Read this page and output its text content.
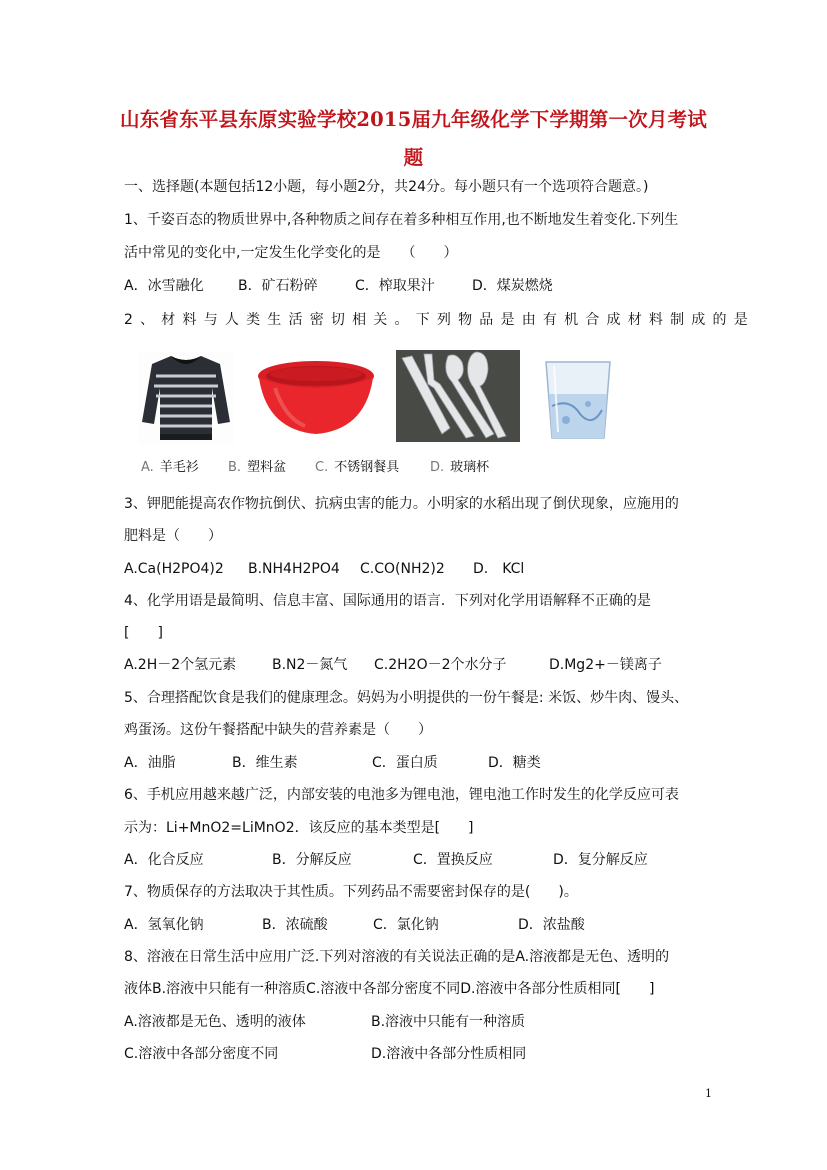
山东省东平县东原实验学校2015届九年级化学下学期第一次月考试
题
一、选择题(本题包括12小题，每小题2分，共24分。每小题只有一个选项符合题意。)
1、千姿百态的物质世界中,各种物质之间存在着多种相互作用,也不断地发生着变化.下列生
活中常见的变化中,一定发生化学变化的是　　（　　）
A．冰雪融化 B．矿石粉碎	C．榨取果汁	D．煤炭燃烧
2、材料与人类生活密切相关。下列物品是由有机合成材料制成的是
A. 羊毛衫 B. 塑料盆 C. 不锈钢餐具 D. 玻璃杯
3、钾肥能提高农作物抗倒伏、抗病虫害的能力。小明家的水稻出现了倒伏现象，应施用的
肥料是（　　）
A.Ca(H2PO4)2 B.NH4H2PO4 C.CO(NH2)2 D.　KCl
4、化学用语是最简明、信息丰富、国际通用的语言．下列对化学用语解释不正确的是
[　　]
A.2H－2个氢元素	B.N2－氮气 C.2H2O－2个水分子	D.Mg2+－镁离子
5、合理搭配饮食是我们的健康理念。妈妈为小明提供的一份午餐是: 米饭、炒牛肉、馒头、
鸡蛋汤。这份午餐搭配中缺失的营养素是（　　）
A．油脂	B．维生素	C．蛋白质	D．糖类
6、手机应用越来越广泛，内部安装的电池多为锂电池，锂电池工作时发生的化学反应可表
示为：Li+MnO2=LiMnO2．该反应的基本类型是[　　]
A．化合反应	B．分解反应	C．置换反应	D．复分解反应
7、物质保存的方法取决于其性质。下列药品不需要密封保存的是(　　)。
A．氢氧化钠	B．浓硫酸	C．氯化钠	D．浓盐酸
8、溶液在日常生活中应用广泛.下列对溶液的有关说法正确的是A.溶液都是无色、透明的
液体B.溶液中只能有一种溶质C.溶液中各部分密度不同D.溶液中各部分性质相同[　　]
A.溶液都是无色、透明的液体	B.溶液中只能有一种溶质
C.溶液中各部分密度不同	D.溶液中各部分性质相同
1
